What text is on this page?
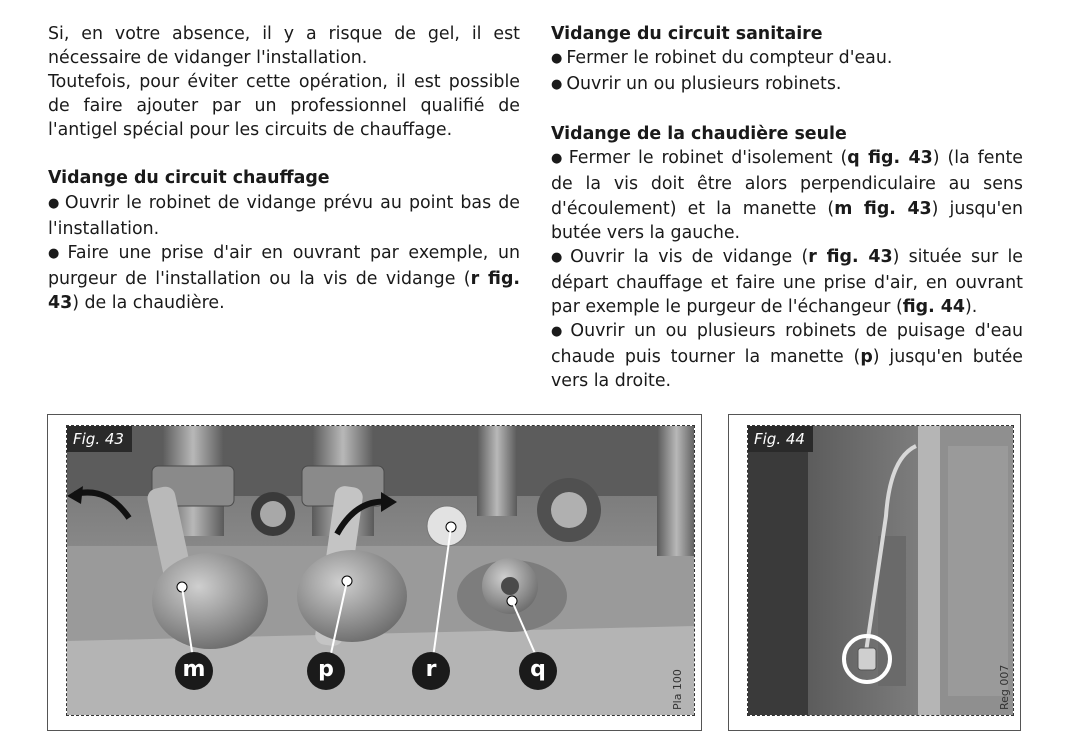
Si, en votre absence, il y a risque de gel, il est nécessaire de vidanger l'installation.

Toutefois, pour éviter cette opération, il est possible de faire ajouter par un professionnel qualifié de l'antigel spécial pour les circuits de chauffage.

Vidange du circuit chauffage

● Ouvrir le robinet de vidange prévu au point bas de l'installation.

● Faire une prise d'air en ouvrant par exemple, un purgeur de l'installation ou la vis de vidange (r fig. 43) de la chaudière.

Vidange du circuit sanitaire

● Fermer le robinet du compteur d'eau.

● Ouvrir un ou plusieurs robinets.

Vidange de la chaudière seule

● Fermer le robinet d'isolement (q fig. 43) (la fente de la vis doit être alors perpendiculaire au sens d'écoulement) et la manette (m fig. 43) jusqu'en butée vers la gauche.

● Ouvrir la vis de vidange (r fig. 43) située sur le départ chauffage et faire une prise d'air, en ouvrant par exemple le purgeur de l'échangeur (fig. 44).

● Ouvrir un ou plusieurs robinets de puisage d'eau chaude puis tourner la manette (p) jusqu'en butée vers la droite.

Fig. 43
m	p	r	q	Pla 100
Fig. 44
Reg 007
